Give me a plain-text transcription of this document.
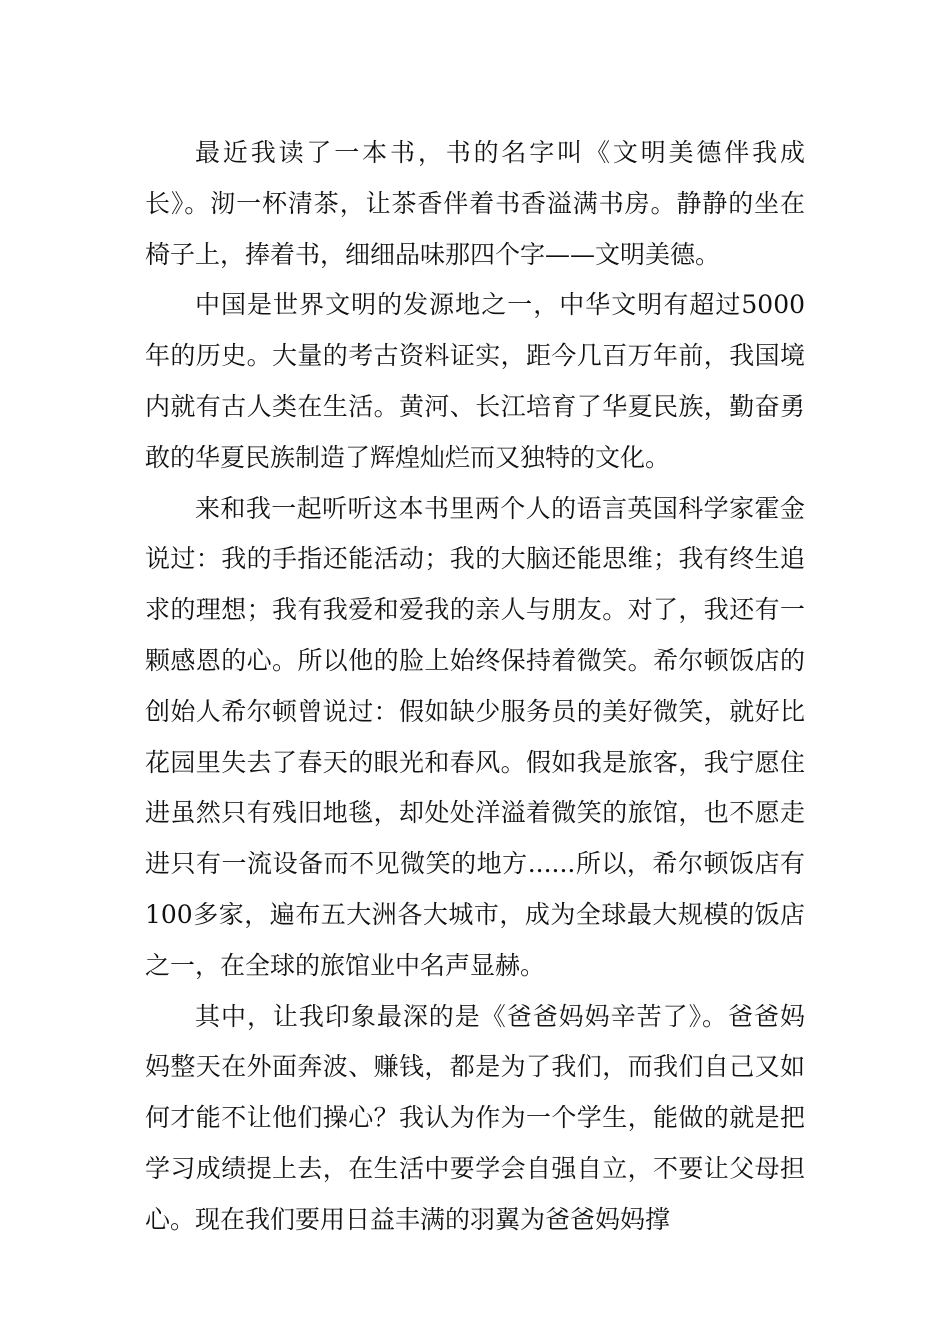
最近我读了一本书，书的名字叫《文明美德伴我成长》。沏一杯清茶，让茶香伴着书香溢满书房。静静的坐在椅子上，捧着书，细细品味那四个字——文明美德。

中国是世界文明的发源地之一，中华文明有超过5000年的历史。大量的考古资料证实，距今几百万年前，我国境内就有古人类在生活。黄河、长江培育了华夏民族，勤奋勇敢的华夏民族制造了辉煌灿烂而又独特的文化。

来和我一起听听这本书里两个人的语言英国科学家霍金说过：我的手指还能活动；我的大脑还能思维；我有终生追求的理想；我有我爱和爱我的亲人与朋友。对了，我还有一颗感恩的心。所以他的脸上始终保持着微笑。希尔顿饭店的创始人希尔顿曾说过：假如缺少服务员的美好微笑，就好比花园里失去了春天的眼光和春风。假如我是旅客，我宁愿住进虽然只有残旧地毯，却处处洋溢着微笑的旅馆，也不愿走进只有一流设备而不见微笑的地方......所以，希尔顿饭店有100多家，遍布五大洲各大城市，成为全球最大规模的饭店之一，在全球的旅馆业中名声显赫。

其中，让我印象最深的是《爸爸妈妈辛苦了》。爸爸妈妈整天在外面奔波、赚钱，都是为了我们，而我们自己又如何才能不让他们操心？我认为作为一个学生，能做的就是把学习成绩提上去，在生活中要学会自强自立，不要让父母担心。现在我们要用日益丰满的羽翼为爸爸妈妈撑
